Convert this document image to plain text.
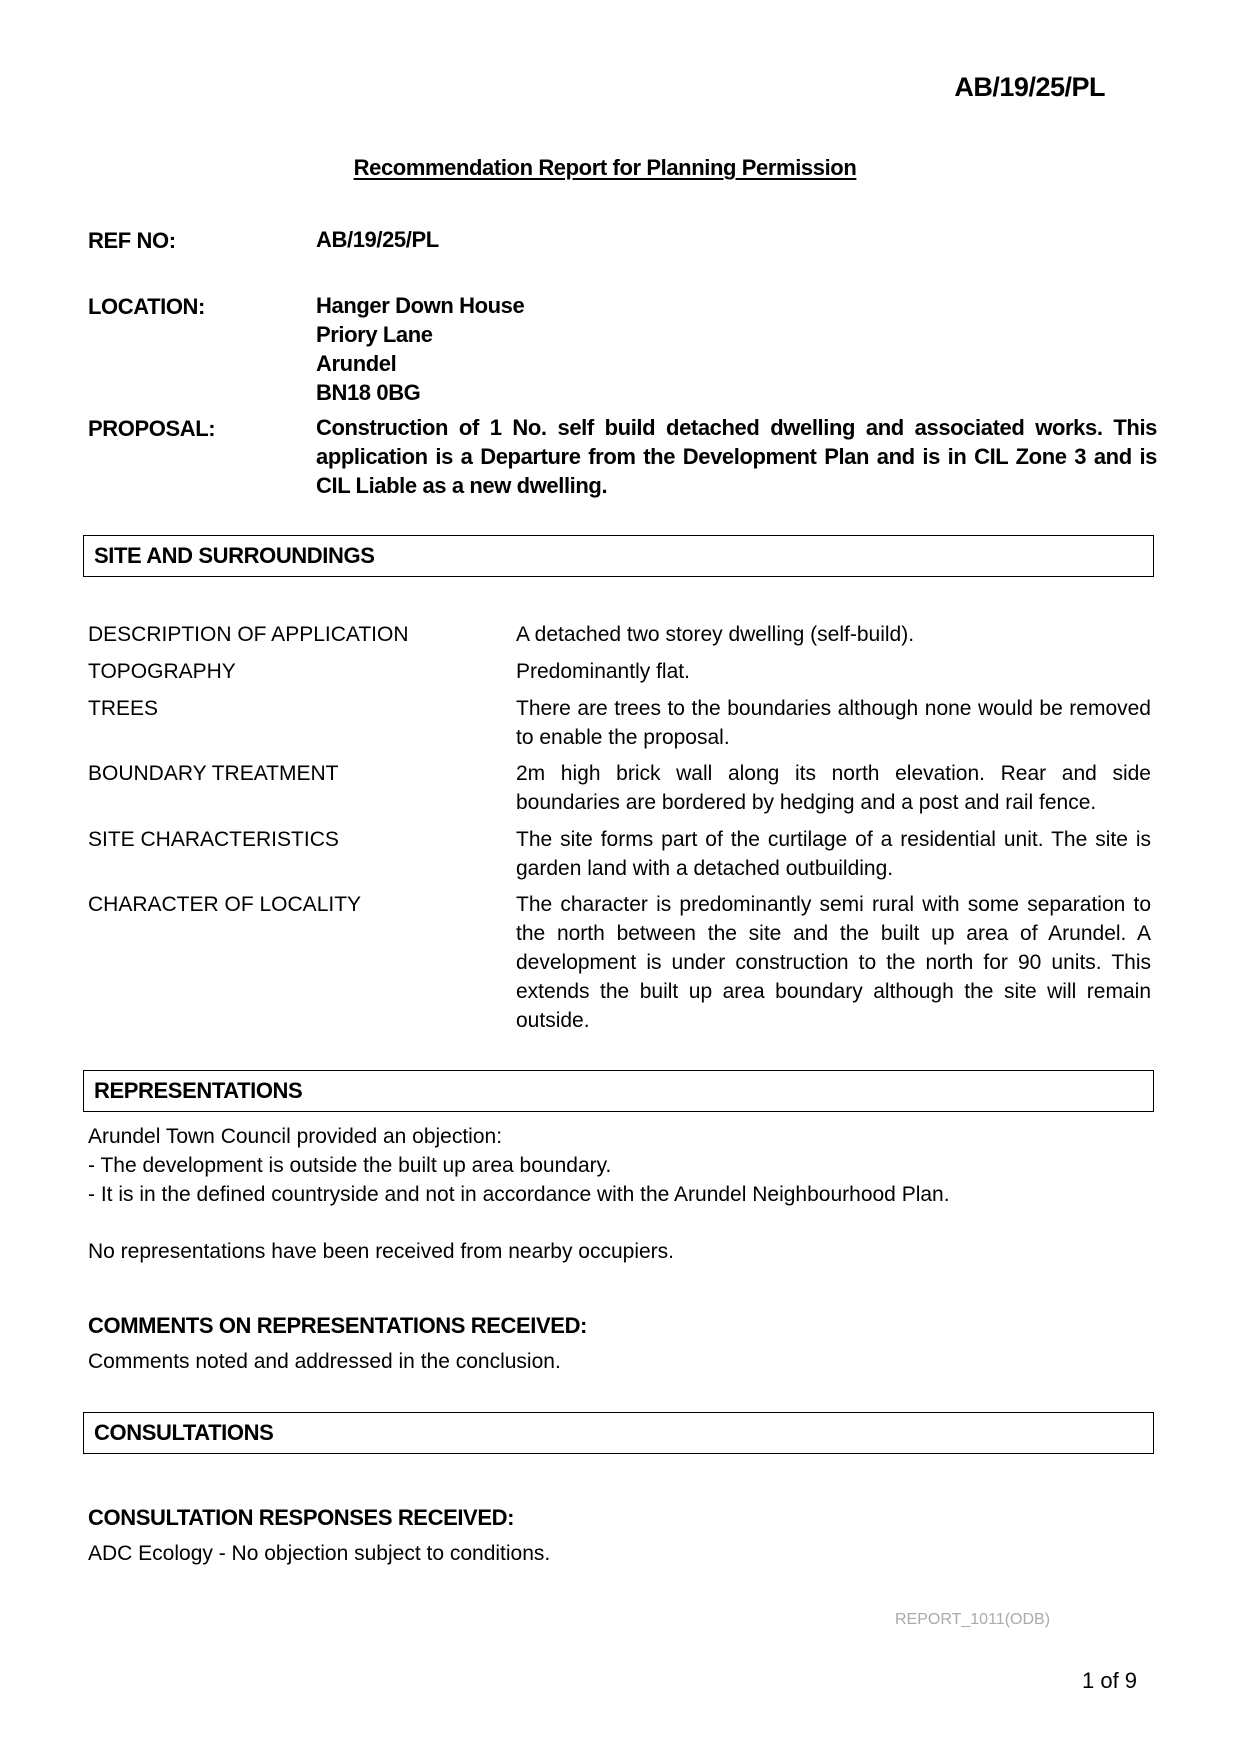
AB/19/25/PL
Recommendation Report for Planning Permission
REF NO:	AB/19/25/PL
LOCATION:	Hanger Down House
Priory Lane
Arundel
BN18 0BG
PROPOSAL:	Construction of 1 No. self build detached dwelling and associated works. This application is a Departure from the Development Plan and is in CIL Zone 3 and is CIL Liable as a new dwelling.
SITE AND SURROUNDINGS
DESCRIPTION OF APPLICATION	A detached two storey dwelling (self-build).
TOPOGRAPHY	Predominantly flat.
TREES	There are trees to the boundaries although none would be removed to enable the proposal.
BOUNDARY TREATMENT	2m high brick wall along its north elevation. Rear and side boundaries are bordered by hedging and a post and rail fence.
SITE CHARACTERISTICS	The site forms part of the curtilage of a residential unit. The site is garden land with a detached outbuilding.
CHARACTER OF LOCALITY	The character is predominantly semi rural with some separation to the north between the site and the built up area of Arundel. A development is under construction to the north for 90 units. This extends the built up area boundary although the site will remain outside.
REPRESENTATIONS
Arundel Town Council provided an objection:
- The development is outside the built up area boundary.
- It is in the defined countryside and not in accordance with the Arundel Neighbourhood Plan.
No representations have been received from nearby occupiers.
COMMENTS ON REPRESENTATIONS RECEIVED:
Comments noted and addressed in the conclusion.
CONSULTATIONS
CONSULTATION RESPONSES RECEIVED:
ADC Ecology - No objection subject to conditions.
REPORT_1011(ODB)
1 of 9
